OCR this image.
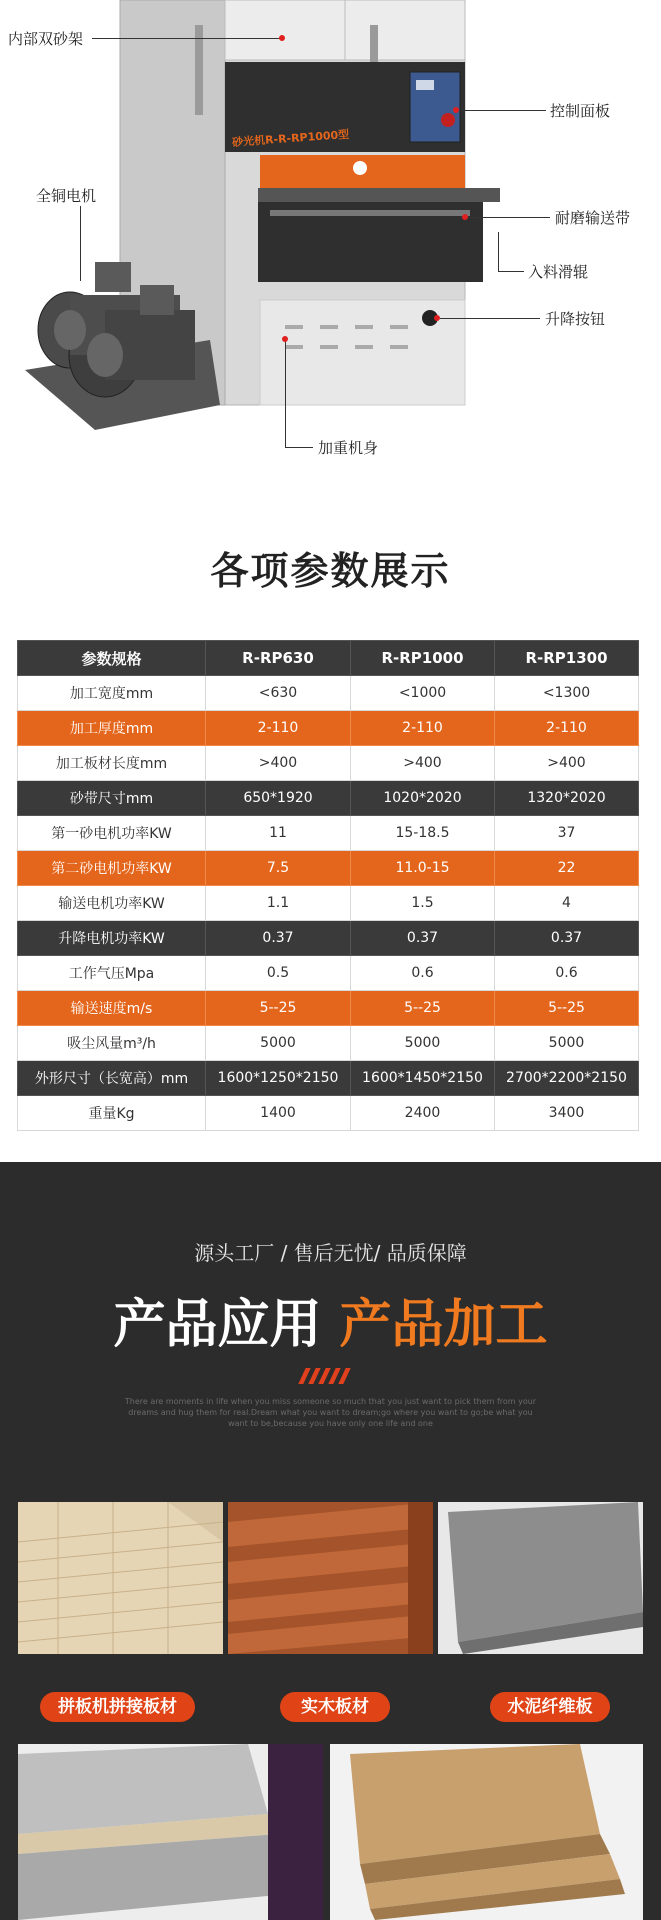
砂光机R-R-RP1000型
内部双砂架
全铜电机
控制面板
耐磨输送带
入料滑辊
升降按钮
加重机身
各项参数展示
参数规格	R-RP630	R-RP1000	R-RP1300
加工宽度mm	<630	<1000	<1300
加工厚度mm	2-110	2-110	2-110
加工板材长度mm	>400	>400	>400
砂带尺寸mm	650*1920	1020*2020	1320*2020
第一砂电机功率KW	11	15-18.5	37
第二砂电机功率KW	7.5	11.0-15	22
输送电机功率KW	1.1	1.5	4
升降电机功率KW	0.37	0.37	0.37
工作气压Mpa	0.5	0.6	0.6
输送速度m/s	5--25	5--25	5--25
吸尘风量m³/h	5000	5000	5000
外形尺寸（长宽高）mm	1600*1250*2150	1600*1450*2150	2700*2200*2150
重量Kg	1400	2400	3400
源头工厂 / 售后无忧/ 品质保障
产品应用 产品加工
There are moments in life when you miss someone so much that you just want to pick them from your dreams and hug them for real.Dream what you want to dream;go where you want to go;be what you want to be,because you have only one life and one
拼板机拼接板材	实木板材	水泥纤维板
